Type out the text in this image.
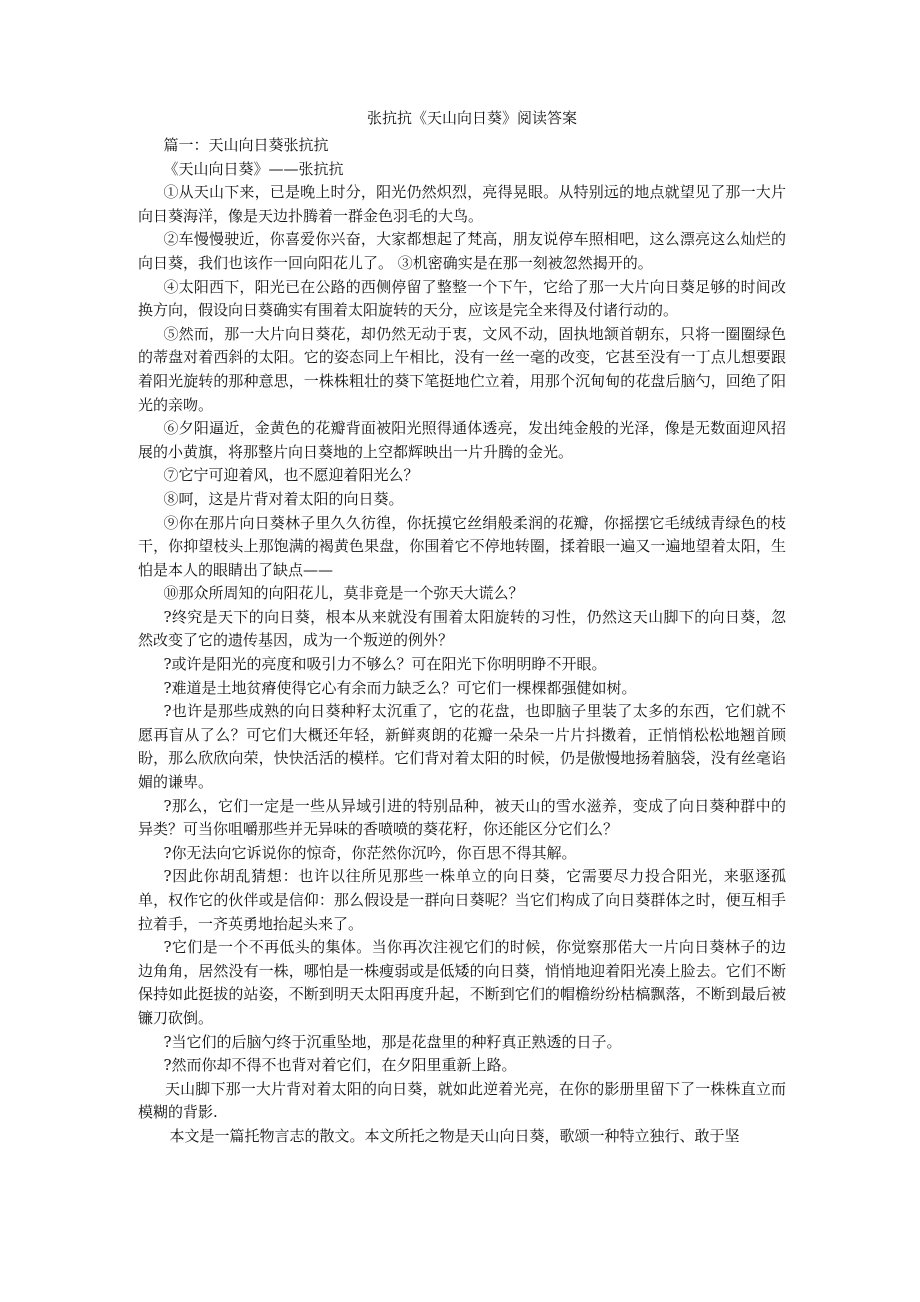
张抗抗《天山向日葵》阅读答案

篇一：天山向日葵张抗抗

《天山向日葵》——张抗抗

①从天山下来，已是晚上时分，阳光仍然炽烈，亮得晃眼。从特别远的地点就望见了那一大片向日葵海洋，像是天边扑腾着一群金色羽毛的大鸟。

②车慢慢驶近，你喜爱你兴奋，大家都想起了梵高，朋友说停车照相吧，这么漂亮这么灿烂的向日葵，我们也该作一回向阳花儿了。 ③机密确实是在那一刻被忽然揭开的。

④太阳西下，阳光已在公路的西侧停留了整整一个下午，它给了那一大片向日葵足够的时间改换方向，假设向日葵确实有围着太阳旋转的天分，应该是完全来得及付诸行动的。

⑤然而，那一大片向日葵花，却仍然无动于衷，文风不动，固执地颔首朝东，只将一圈圈绿色的蒂盘对着西斜的太阳。它的姿态同上午相比，没有一丝一毫的改变，它甚至没有一丁点儿想要跟着阳光旋转的那种意思，一株株粗壮的葵下笔挺地伫立着，用那个沉甸甸的花盘后脑勺，回绝了阳光的亲吻。

⑥夕阳逼近，金黄色的花瓣背面被阳光照得通体透亮，发出纯金般的光泽，像是无数面迎风招展的小黄旗，将那整片向日葵地的上空都辉映出一片升腾的金光。

⑦它宁可迎着风，也不愿迎着阳光么？

⑧呵，这是片背对着太阳的向日葵。

⑨你在那片向日葵林子里久久彷徨，你抚摸它丝绢般柔润的花瓣，你摇摆它毛绒绒青绿色的枝干，你抑望枝头上那饱满的褐黄色果盘，你围着它不停地转圈，揉着眼一遍又一遍地望着太阳，生怕是本人的眼睛出了缺点——

⑩那众所周知的向阳花儿，莫非竟是一个弥天大谎么？

?终究是天下的向日葵，根本从来就没有围着太阳旋转的习性，仍然这天山脚下的向日葵，忽然改变了它的遗传基因，成为一个叛逆的例外？

?或许是阳光的亮度和吸引力不够么？可在阳光下你明明睁不开眼。

?难道是土地贫瘠使得它心有余而力缺乏么？可它们一棵棵都强健如树。

?也许是那些成熟的向日葵种籽太沉重了，它的花盘，也即脑子里装了太多的东西，它们就不愿再盲从了么？可它们大概还年轻，新鲜爽朗的花瓣一朵朵一片片抖擞着，正悄悄松松地翘首顾盼，那么欣欣向荣，快快活活的模样。它们背对着太阳的时候，仍是傲慢地扬着脑袋，没有丝毫谄媚的谦卑。

?那么，它们一定是一些从异域引进的特别品种，被天山的雪水滋养，变成了向日葵种群中的异类？可当你咀嚼那些并无异味的香喷喷的葵花籽，你还能区分它们么？

?你无法向它诉说你的惊奇，你茫然你沉吟，你百思不得其解。

?因此你胡乱猜想：也许以往所见那些一株单立的向日葵，它需要尽力投合阳光，来驱逐孤单，权作它的伙伴或是信仰：那么假设是一群向日葵呢？当它们构成了向日葵群体之时，便互相手拉着手，一齐英勇地抬起头来了。

?它们是一个不再低头的集体。当你再次注视它们的时候，你觉察那偌大一片向日葵林子的边边角角，居然没有一株，哪怕是一株瘦弱或是低矮的向日葵，悄悄地迎着阳光凑上脸去。它们不断保持如此挺拔的站姿，不断到明天太阳再度升起，不断到它们的帽檐纷纷枯槁飘落，不断到最后被镰刀砍倒。

?当它们的后脑勺终于沉重坠地，那是花盘里的种籽真正熟透的日子。

?然而你却不得不也背对着它们，在夕阳里重新上路。

天山脚下那一大片背对着太阳的向日葵，就如此逆着光亮，在你的影册里留下了一株株直立而模糊的背影.

本文是一篇托物言志的散文。本文所托之物是天山向日葵，歌颂一种特立独行、敢于坚
